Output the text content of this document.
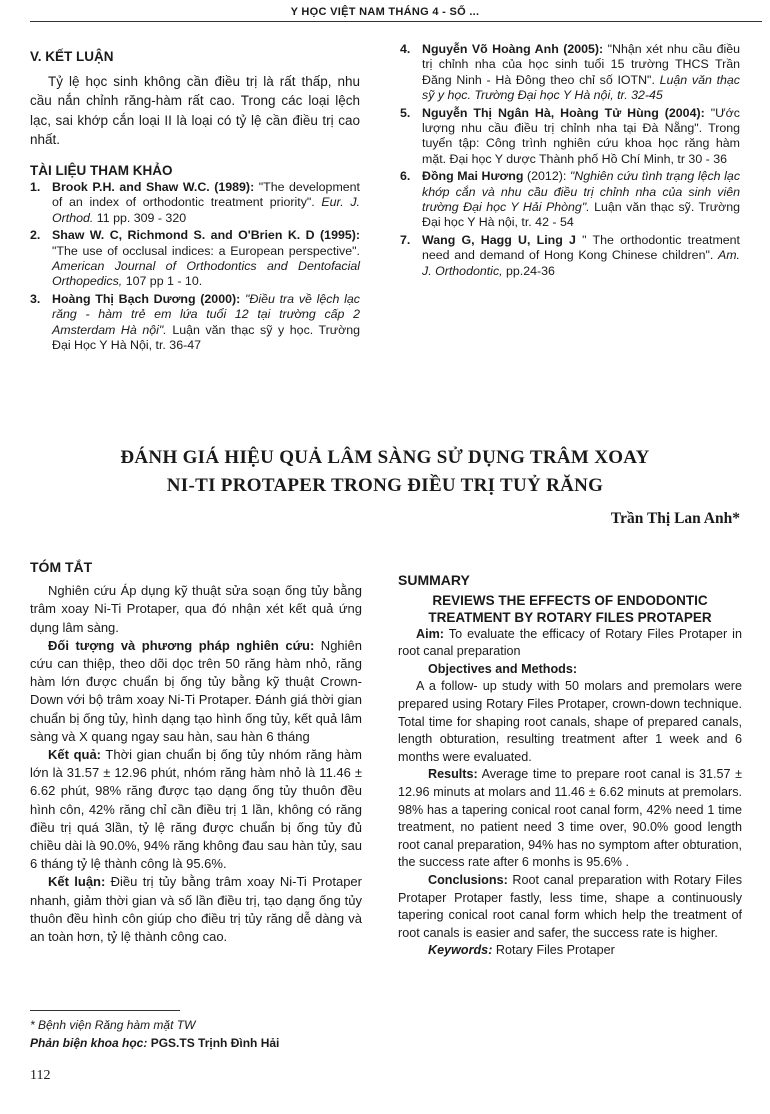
Y HỌC VIỆT NAM THÁNG 4 - SỐ ...
V. KẾT LUẬN

Tỷ lệ học sinh không cần điều trị là rất thấp, nhu cầu nắn chỉnh răng-hàm rất cao. Trong các loại lệch lạc, sai khớp cắn loại II là loại có tỷ lệ cần điều trị cao nhất.

TÀI LIỆU THAM KHẢO
1. Brook P.H. and Shaw W.C. (1989): "The development of an index of orthodontic treatment priority". Eur. J. Orthod. 11 pp. 309 - 320
2. Shaw W. C, Richmond S. and O'Brien K. D (1995): "The use of occlusal indices: a European perspective". American Journal of Orthodontics and Dentofacial Orthopedics, 107 pp 1 - 10.
3. Hoàng Thị Bạch Dương (2000): "Điều tra về lệch lạc răng - hàm trẻ em lứa tuổi 12 tại trường cấp 2 Amsterdam Hà nội". Luận văn thạc sỹ y học. Trường Đại Học Y Hà Nội, tr. 36-47
4. Nguyễn Võ Hoàng Anh (2005): "Nhận xét nhu cầu điều trị chỉnh nha của học sinh tuổi 15 trường THCS Trần Đăng Ninh - Hà Đông theo chỉ số IOTN". Luận văn thạc sỹ y học. Trường Đại học Y Hà nội, tr. 32-45
5. Nguyễn Thị Ngân Hà, Hoàng Tử Hùng (2004): "Ước lượng nhu cầu điều trị chỉnh nha tại Đà Nẵng". Trong tuyển tập: Công trình nghiên cứu khoa học răng hàm mặt. Đại học Y dược Thành phố Hồ Chí Minh, tr 30 - 36
6. Đồng Mai Hương (2012): "Nghiên cứu tình trạng lệch lạc khớp cắn và nhu cầu điều trị chỉnh nha của sinh viên trường Đại học Y Hải Phòng". Luận văn thạc sỹ. Trường Đại học Y Hà nội, tr. 42 - 54
7. Wang G, Hagg U, Ling J " The orthodontic treatment need and demand of Hong Kong Chinese children". Am. J. Orthodontic, pp.24-36
ĐÁNH GIÁ HIỆU QUẢ LÂM SÀNG SỬ DỤNG TRÂM XOAY
NI-TI PROTAPER TRONG ĐIỀU TRỊ TUỶ RĂNG
Trần Thị Lan Anh*
TÓM TẮT

Nghiên cứu Áp dụng kỹ thuật sửa soạn ống tủy bằng trâm xoay Ni-Ti Protaper, qua đó nhận xét kết quả ứng dụng lâm sàng.

Đối tượng và phương pháp nghiên cứu: Nghiên cứu can thiệp, theo dõi dọc trên 50 răng hàm nhỏ, răng hàm lớn được chuẩn bị ống tủy bằng kỹ thuật Crown-Down với bộ trâm xoay Ni-Ti Protaper. Đánh giá thời gian chuẩn bị ống tủy, hình dạng tạo hình ống tủy, kết quả lâm sàng và X quang ngay sau hàn, sau hàn 6 tháng

Kết quả: Thời gian chuẩn bị ống tủy nhóm răng hàm lớn là 31.57 ± 12.96 phút, nhóm răng hàm nhỏ là 11.46 ± 6.62 phút, 98% răng được tạo dạng ống tủy thuôn đều hình côn, 42% răng chỉ cần điều trị 1 lần, không có răng điều trị quá 3lần, tỷ lệ răng được chuẩn bị ống tủy đủ chiều dài là 90.0%, 94% răng không đau sau hàn tủy, sau 6 tháng tỷ lệ thành công là 95.6%.

Kết luận: Điều trị tủy bằng trâm xoay Ni-Ti Protaper nhanh, giảm thời gian và số lần điều trị, tạo dạng ống tủy thuôn đều hình côn giúp cho điều trị tủy răng dễ dàng và an toàn hơn, tỷ lệ thành công cao.

SUMMARY
REVIEWS THE EFFECTS OF ENDODONTIC
TREATMENT BY ROTARY FILES PROTAPER

Aim: To evaluate the efficacy of Rotary Files Protaper in root canal preparation

Objectives and Methods:

A a follow- up study with 50 molars and premolars were prepared using Rotary Files Protaper, crown-down technique. Total time for shaping root canals, shape of prepared canals, length obturation, resulting treatment after 1 week and 6 months were evaluated.

Results: Average time to prepare root canal is 31.57 ± 12.96 minuts at molars and 11.46 ± 6.62 minuts at premolars. 98% has a tapering conical root canal form, 42% need 1 time treatment, no patient need 3 time over, 90.0% good length root canal preparation, 94% has no symptom after obturation, the success rate after 6 monhs is 95.6% .

Conclusions: Root canal preparation with Rotary Files Protaper Protaper fastly, less time, shape a continuously tapering conical root canal form which help the treatment of root canals is easier and safer, the success rate is higher.

Keywords: Rotary Files Protaper

* Bệnh viện Răng hàm mặt TW
Phản biện khoa học: PGS.TS Trịnh Đình Hải
112
